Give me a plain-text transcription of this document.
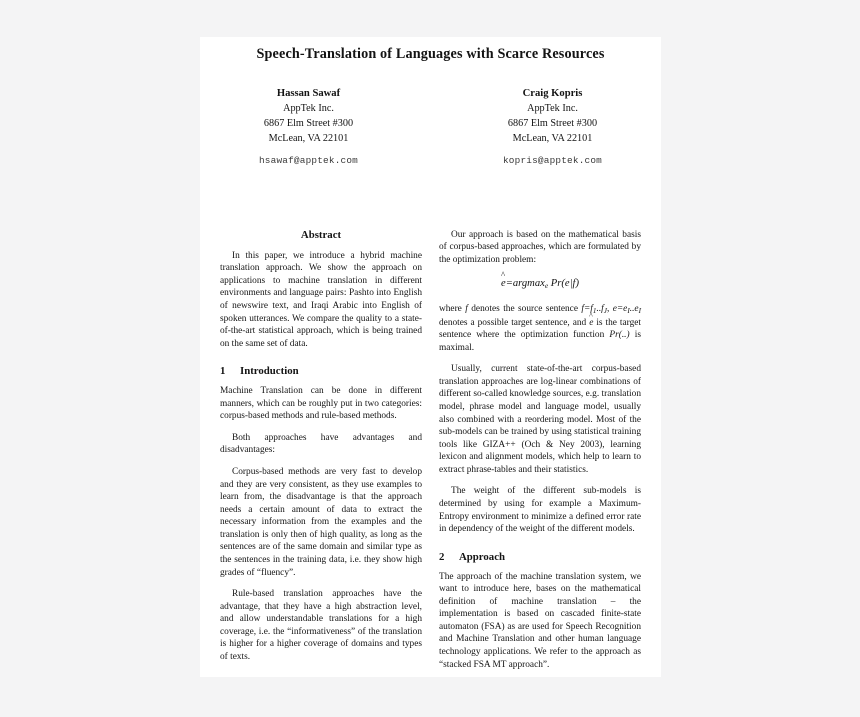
Speech-Translation of Languages with Scarce Resources
Hassan Sawaf
AppTek Inc.
6867 Elm Street #300
McLean, VA 22101
hsawaf@apptek.com
Craig Kopris
AppTek Inc.
6867 Elm Street #300
McLean, VA 22101
kopris@apptek.com
Abstract

In this paper, we introduce a hybrid machine translation approach. We show the approach on applications to machine translation in different environments and language pairs: Pashto into English of newswire text, and Iraqi Arabic into English of spoken utterances. We compare the quality to a state-of-the-art statistical approach, which is being trained on the same set of data.

1	Introduction

Machine Translation can be done in different manners, which can be roughly put in two categories: corpus-based methods and rule-based methods.

Both approaches have advantages and disadvantages:

Corpus-based methods are very fast to develop and they are very consistent, as they use examples to learn from, the disadvantage is that the approach needs a certain amount of data to extract the necessary information from the examples and the translation is only then of high quality, as long as the sentences are of the same domain and similar type as the sentences in the training data, i.e. they show high grades of “fluency”.

Rule-based translation approaches have the advantage, that they have a high abstraction level, and allow understandable translations for a high coverage, i.e. the “informativeness” of the translation is higher for a higher coverage of domains and types of texts.

Our approach is based on the mathematical basis of corpus-based approaches, which are formulated by the optimization problem:

^ e=argmax$_e$ Pr(e|f)

where f denotes the source sentence $f=f_1..f_J$, $e=e_I..e_I$ denotes a possible target sentence, and ^ e is the target sentence where the optimization function Pr(..) is maximal.

Usually, current state-of-the-art corpus-based translation approaches are log-linear combinations of different so-called knowledge sources, e.g. translation model, phrase model and language model, usually also combined with a reordering model. Most of the sub-models can be trained by using statistical training tools like GIZA++ (Och & Ney 2003), learning lexicon and alignment models, which help to learn to extract phrase-tables and their statistics.

The weight of the different sub-models is determined by using for example a Maximum-Entropy environment to minimize a defined error rate in dependency of the weight of the different models.

2	Approach

The approach of the machine translation system, we want to introduce here, bases on the mathematical definition of machine translation – the implementation is based on cascaded finite-state automaton (FSA) as are used for Speech Recognition and Machine Translation and other human language technology applications. We refer to the approach as “stacked FSA MT approach”.
